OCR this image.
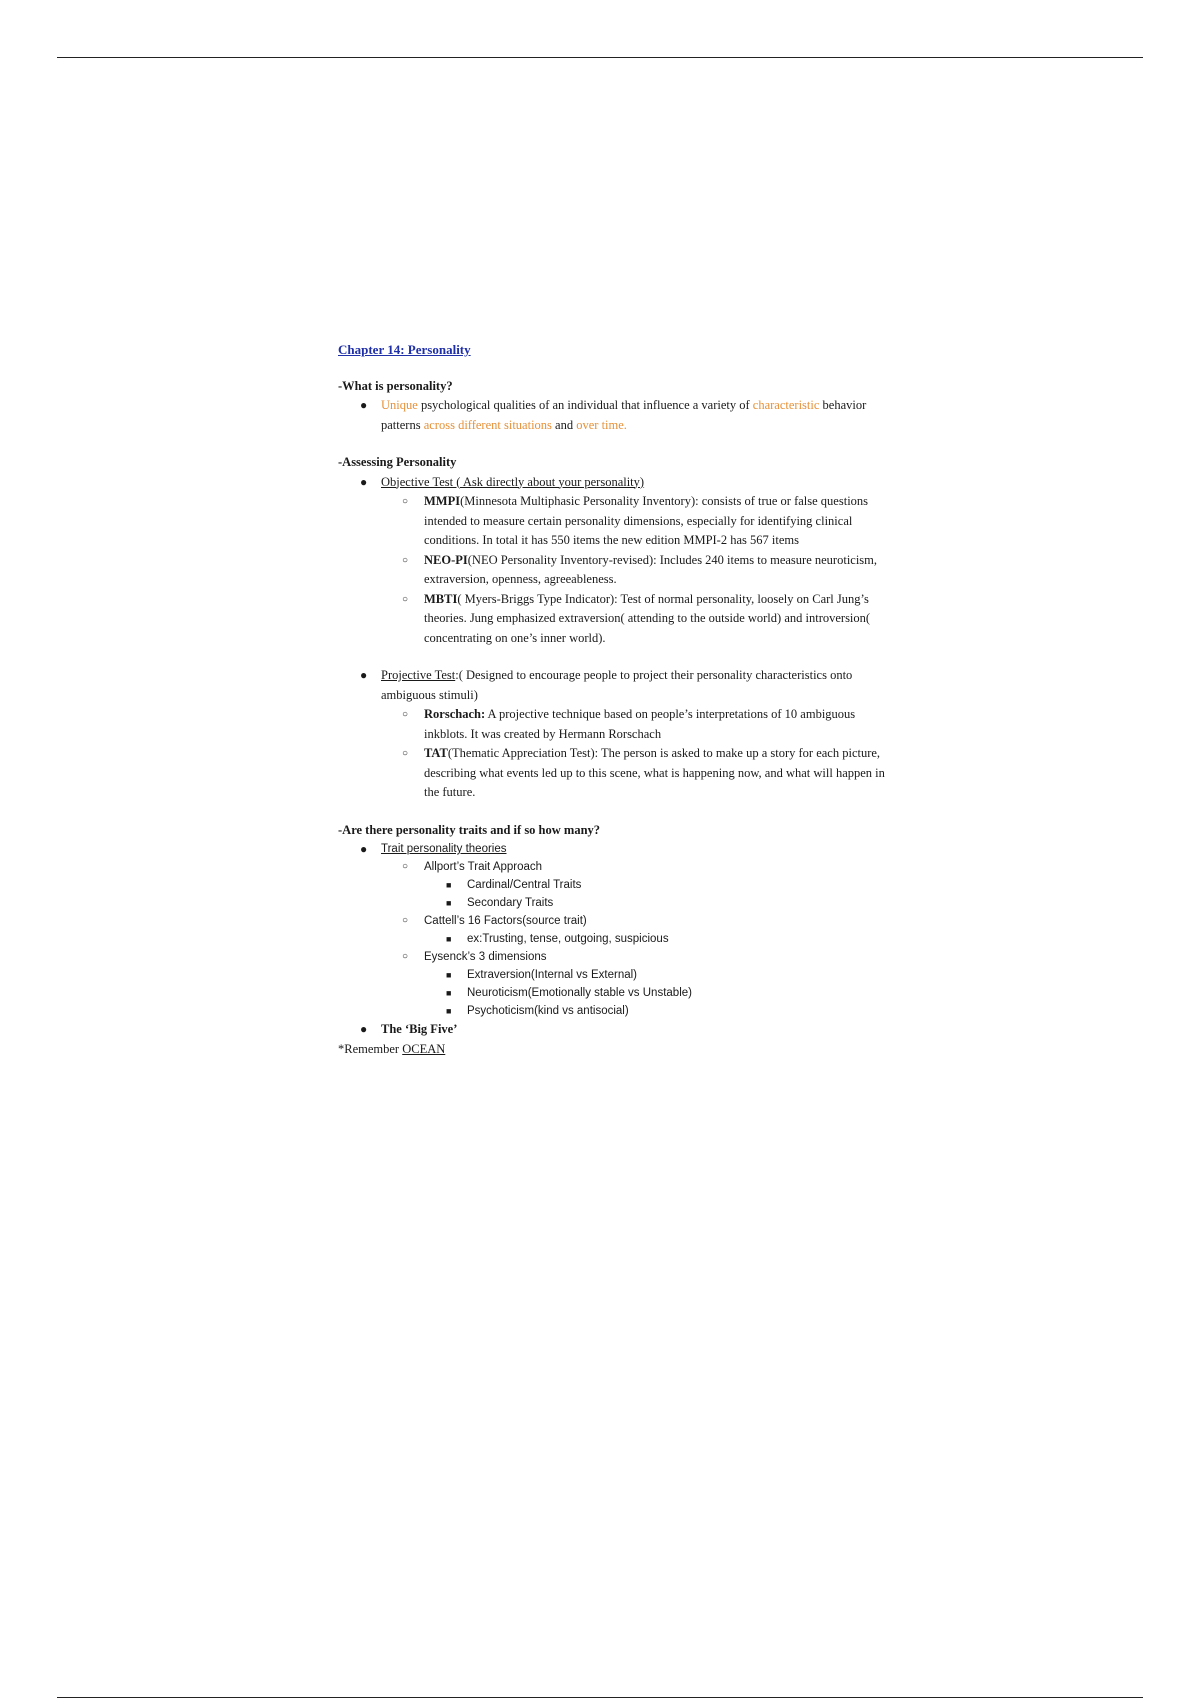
Chapter 14: Personality

-What is personality?

● Unique psychological qualities of an individual that influence a variety of characteristic behavior patterns across different situations and over time.

-Assessing Personality

● Objective Test ( Ask directly about your personality)
○ MMPI(Minnesota Multiphasic Personality Inventory): consists of true or false questions intended to measure certain personality dimensions, especially for identifying clinical conditions. In total it has 550 items the new edition MMPI-2 has 567 items
○ NEO-PI(NEO Personality Inventory-revised): Includes 240 items to measure neuroticism, extraversion, openness, agreeableness.
○ MBTI( Myers-Briggs Type Indicator): Test of normal personality, loosely on Carl Jung’s theories. Jung emphasized extraversion( attending to the outside world) and introversion( concentrating on one’s inner world).
● Projective Test:( Designed to encourage people to project their personality characteristics onto ambiguous stimuli)
○ Rorschach: A projective technique based on people’s interpretations of 10 ambiguous inkblots. It was created by Hermann Rorschach
○ TAT(Thematic Appreciation Test): The person is asked to make up a story for each picture, describing what events led up to this scene, what is happening now, and what will happen in the future.

-Are there personality traits and if so how many?

● Trait personality theories
○ Allport’s Trait Approach
■ Cardinal/Central Traits
■ Secondary Traits
○ Cattell’s 16 Factors(source trait)
■ ex:Trusting, tense, outgoing, suspicious
○ Eysenck’s 3 dimensions
■ Extraversion(Internal vs External)
■ Neuroticism(Emotionally stable vs Unstable)
■ Psychoticism(kind vs antisocial)
● The ‘Big Five’

*Remember OCEAN
